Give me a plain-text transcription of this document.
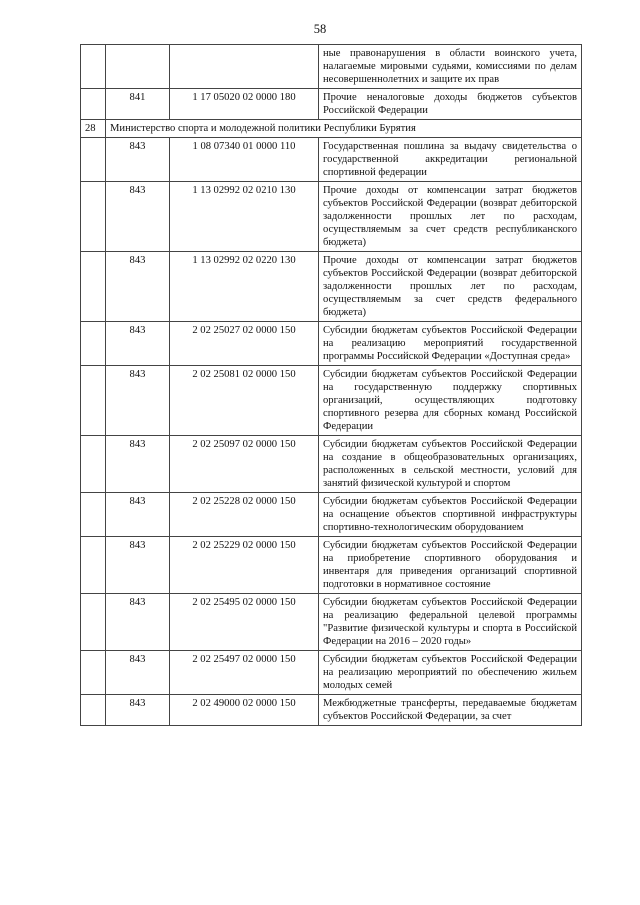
58
			ные правонарушения в области воинского учета, налагаемые мировыми судьями, комиссиями по делам несовершеннолетних и защите их прав
	841	1 17 05020 02 0000 180	Прочие неналоговые доходы бюджетов субъектов Российской Федерации
28	Министерство спорта и молодежной политики Республики Бурятия		
	843	1 08 07340 01 0000 110	Государственная пошлина за выдачу свидетельства о государственной аккредитации региональной спортивной федерации
	843	1 13 02992 02 0210 130	Прочие доходы от компенсации затрат бюджетов субъектов Российской Федерации (возврат дебиторской задолженности прошлых лет по расходам, осуществляемым за счет средств республиканского бюджета)
	843	1 13 02992 02 0220 130	Прочие доходы от компенсации затрат бюджетов субъектов Российской Федерации (возврат дебиторской задолженности прошлых лет по расходам, осуществляемым за счет средств федерального бюджета)
	843	2 02 25027 02 0000 150	Субсидии бюджетам субъектов Российской Федерации на реализацию мероприятий государственной программы Российской Федерации «Доступная среда»
	843	2 02 25081 02 0000 150	Субсидии бюджетам субъектов Российской Федерации на государственную поддержку спортивных организаций, осуществляющих подготовку спортивного резерва для сборных команд Российской Федерации
	843	2 02 25097 02 0000 150	Субсидии бюджетам субъектов Российской Федерации на создание в общеобразовательных организациях, расположенных в сельской местности, условий для занятий физической культурой и спортом
	843	2 02 25228 02 0000 150	Субсидии бюджетам субъектов Российской Федерации на оснащение объектов спортивной инфраструктуры спортивно-технологическим оборудованием
	843	2 02 25229 02 0000 150	Субсидии бюджетам субъектов Российской Федерации на приобретение спортивного оборудования и инвентаря для приведения организаций спортивной подготовки в нормативное состояние
	843	2 02 25495 02 0000 150	Субсидии бюджетам субъектов Российской Федерации на реализацию федеральной целевой программы "Развитие физической культуры и спорта в Российской Федерации на 2016 – 2020 годы»
	843	2 02 25497 02 0000 150	Субсидии бюджетам субъектов Российской Федерации на реализацию мероприятий по обеспечению жильем молодых семей
	843	2 02 49000 02 0000 150	Межбюджетные трансферты, передаваемые бюджетам субъектов Российской Федерации, за счет
